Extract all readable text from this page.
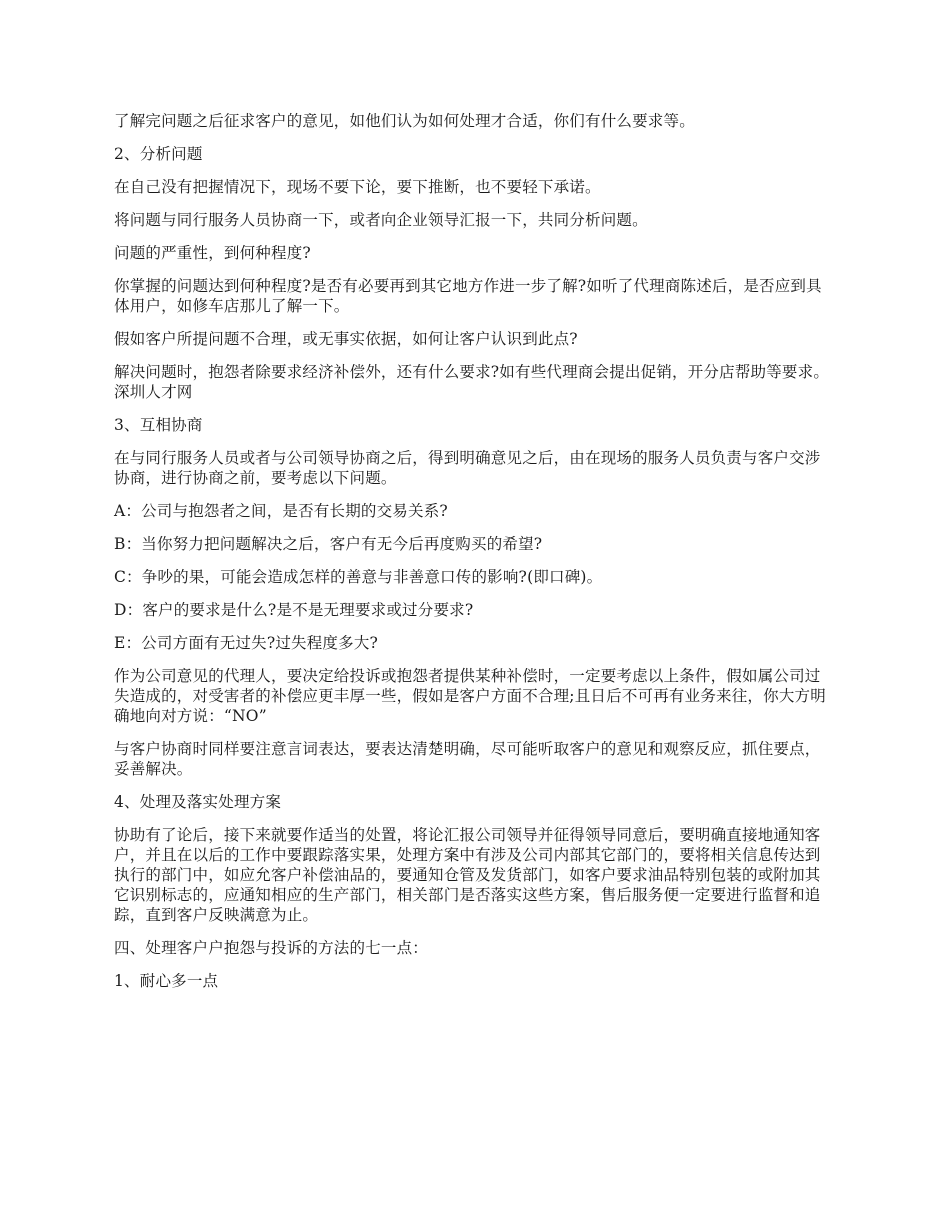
了解完问题之后征求客户的意见，如他们认为如何处理才合适，你们有什么要求等。

2、分析问题

在自己没有把握情况下，现场不要下论，要下推断，也不要轻下承诺。

将问题与同行服务人员协商一下，或者向企业领导汇报一下，共同分析问题。

问题的严重性，到何种程度?

你掌握的问题达到何种程度?是否有必要再到其它地方作进一步了解?如听了代理商陈述后，是否应到具体用户，如修车店那儿了解一下。

假如客户所提问题不合理，或无事实依据，如何让客户认识到此点?

解决问题时，抱怨者除要求经济补偿外，还有什么要求?如有些代理商会提出促销，开分店帮助等要求。深圳人才网

3、互相协商

在与同行服务人员或者与公司领导协商之后，得到明确意见之后，由在现场的服务人员负责与客户交涉协商，进行协商之前，要考虑以下问题。

A：公司与抱怨者之间，是否有长期的交易关系?

B：当你努力把问题解决之后，客户有无今后再度购买的希望?

C：争吵的果，可能会造成怎样的善意与非善意口传的影响?(即口碑)。

D：客户的要求是什么?是不是无理要求或过分要求?

E：公司方面有无过失?过失程度多大?

作为公司意见的代理人，要决定给投诉或抱怨者提供某种补偿时，一定要考虑以上条件，假如属公司过失造成的，对受害者的补偿应更丰厚一些，假如是客户方面不合理;且日后不可再有业务来往，你大方明确地向对方说：“NO”

与客户协商时同样要注意言词表达，要表达清楚明确，尽可能听取客户的意见和观察反应，抓住要点，妥善解决。

4、处理及落实处理方案

协助有了论后，接下来就要作适当的处置，将论汇报公司领导并征得领导同意后，要明确直接地通知客户，并且在以后的工作中要跟踪落实果，处理方案中有涉及公司内部其它部门的，要将相关信息传达到执行的部门中，如应允客户补偿油品的，要通知仓管及发货部门，如客户要求油品特别包装的或附加其它识别标志的，应通知相应的生产部门，相关部门是否落实这些方案，售后服务便一定要进行监督和追踪，直到客户反映满意为止。

四、处理客户户抱怨与投诉的方法的七一点：

1、耐心多一点
